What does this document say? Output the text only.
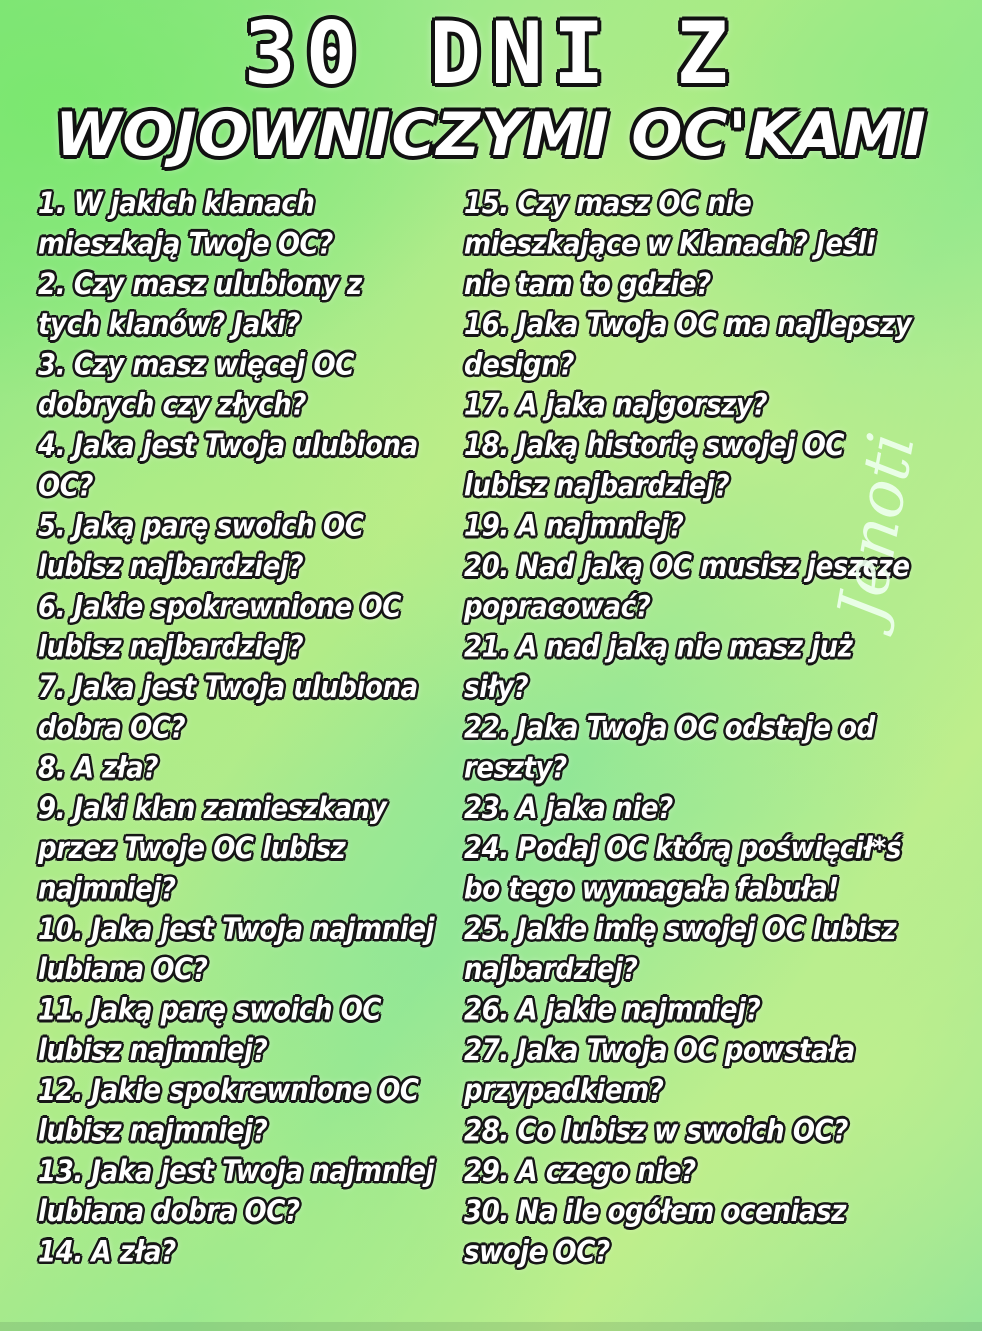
30 DNI Z
WOJOWNICZYMI OC'KAMI
1. W jakich klanach
mieszkają Twoje OC?
2. Czy masz ulubiony z
tych klanów? Jaki?
3. Czy masz więcej OC
dobrych czy złych?
4. Jaka jest Twoja ulubiona
OC?
5. Jaką parę swoich OC
lubisz najbardziej?
6. Jakie spokrewnione OC
lubisz najbardziej?
7. Jaka jest Twoja ulubiona
dobra OC?
8. A zła?
9. Jaki klan zamieszkany
przez Twoje OC lubisz
najmniej?
10. Jaka jest Twoja najmniej
lubiana OC?
11. Jaką parę swoich OC
lubisz najmniej?
12. Jakie spokrewnione OC
lubisz najmniej?
13. Jaka jest Twoja najmniej
lubiana dobra OC?
14. A zła?
15. Czy masz OC nie
mieszkające w Klanach? Jeśli
nie tam to gdzie?
16. Jaka Twoja OC ma najlepszy
design?
17. A jaka najgorszy?
18. Jaką historię swojej OC
lubisz najbardziej?
19. A najmniej?
20. Nad jaką OC musisz jeszcze
popracować?
21. A nad jaką nie masz już
siły?
22. Jaka Twoja OC odstaje od
reszty?
23. A jaka nie?
24. Podaj OC którą poświęcił*ś
bo tego wymagała fabuła!
25. Jakie imię swojej OC lubisz
najbardziej?
26. A jakie najmniej?
27. Jaka Twoja OC powstała
przypadkiem?
28. Co lubisz w swoich OC?
29. A czego nie?
30. Na ile ogółem oceniasz
swoje OC?
Jenoti
